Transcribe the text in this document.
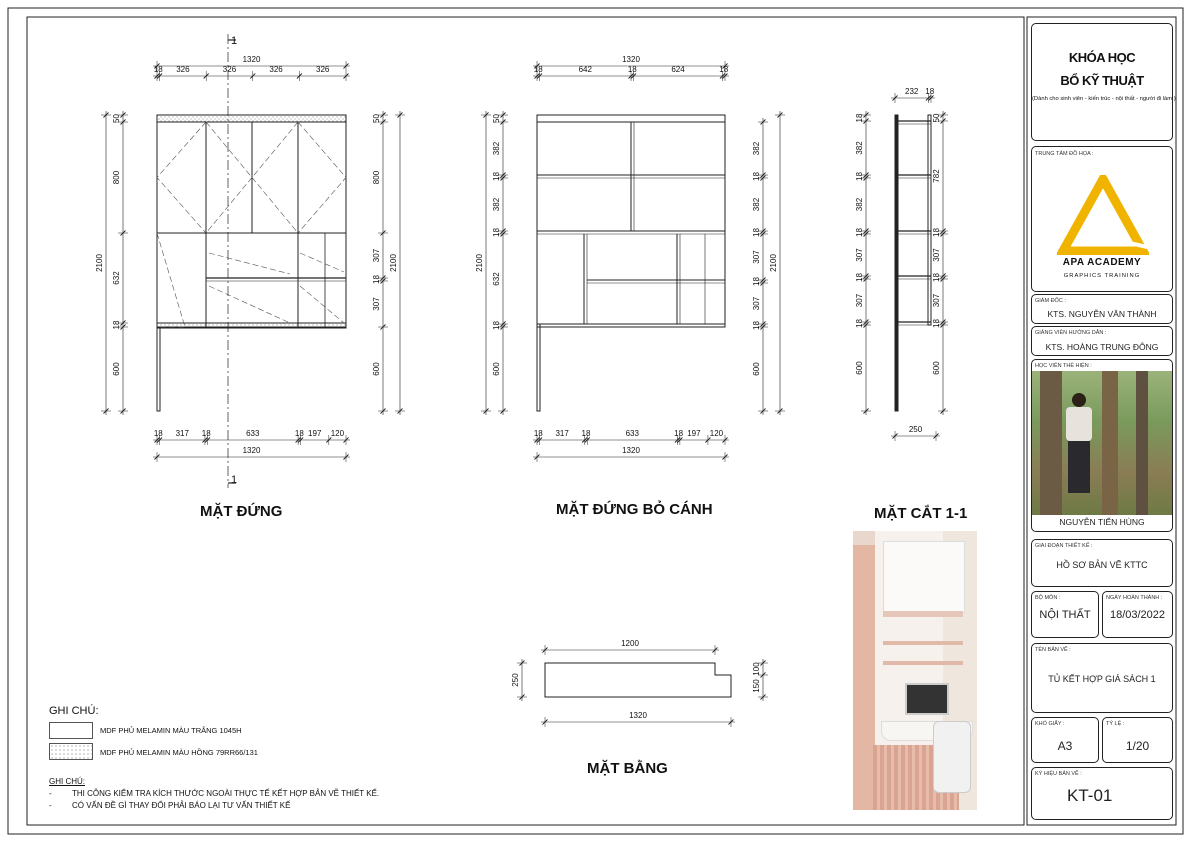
18 326	326	326	326
1320
18 317 18	633	18 197 120
1320
2100
50
800
632
18
600
50
800
307
18
307
600
2100
18	642	18	624	18
1320
18 317 18	633	18 197 120
1320
2100
50
382
18
382
18
632
18
600
382
18
382
18
307
18
307
18
600
2100
232 18
250
18
382
18
382
18
307
18
307
18
600
50
782
18
307
18
307
18
600
1200
1320
250
100
150
MẶT ĐỨNG	MẶT ĐỨNG BỎ CÁNH	MẶT CẮT 1-1
MẶT BẰNG
1
1
GHI CHÚ:
MDF PHỦ MELAMIN MÀU TRẮNG 1045H
MDF PHỦ MELAMIN MÀU HỒNG 79RR66/131
GHI CHÚ:
-	THI CÔNG KIỂM TRA KÍCH THƯỚC NGOÀI THỰC TẾ KẾT HỢP BẢN VẼ THIẾT KẾ.
-	CÓ VẤN ĐỀ GÌ THAY ĐỔI PHẢI BÁO LẠI TƯ VẤN THIẾT KẾ
KHÓA HỌC
BỔ KỸ THUẬT
(Dành cho sinh viên - kiến trúc - nội thất - người đi làm )
TRUNG TÂM ĐỒ HỌA :
APA ACADEMY
GRAPHICS TRAINING
GIÁM ĐỐC :
KTS. NGUYỄN VĂN THÀNH
GIẢNG VIÊN HƯỚNG DẪN :
KTS. HOÀNG TRUNG ĐÔNG
HỌC VIÊN THỂ HIỆN :
NGUYỄN TIẾN HÙNG
GIAI ĐOẠN THIẾT KẾ :
HỒ SƠ BẢN VẼ KTTC
BỘ MÔN :
NỘI THẤT
NGÀY HOÀN THÀNH :
18/03/2022
TÊN BẢN VẼ :
TỦ KẾT HỢP GIÁ SÁCH 1
KHỔ GIẤY :
A3
TỶ LỆ :
1/20
KÝ HIỆU BẢN VẼ :
KT-01
